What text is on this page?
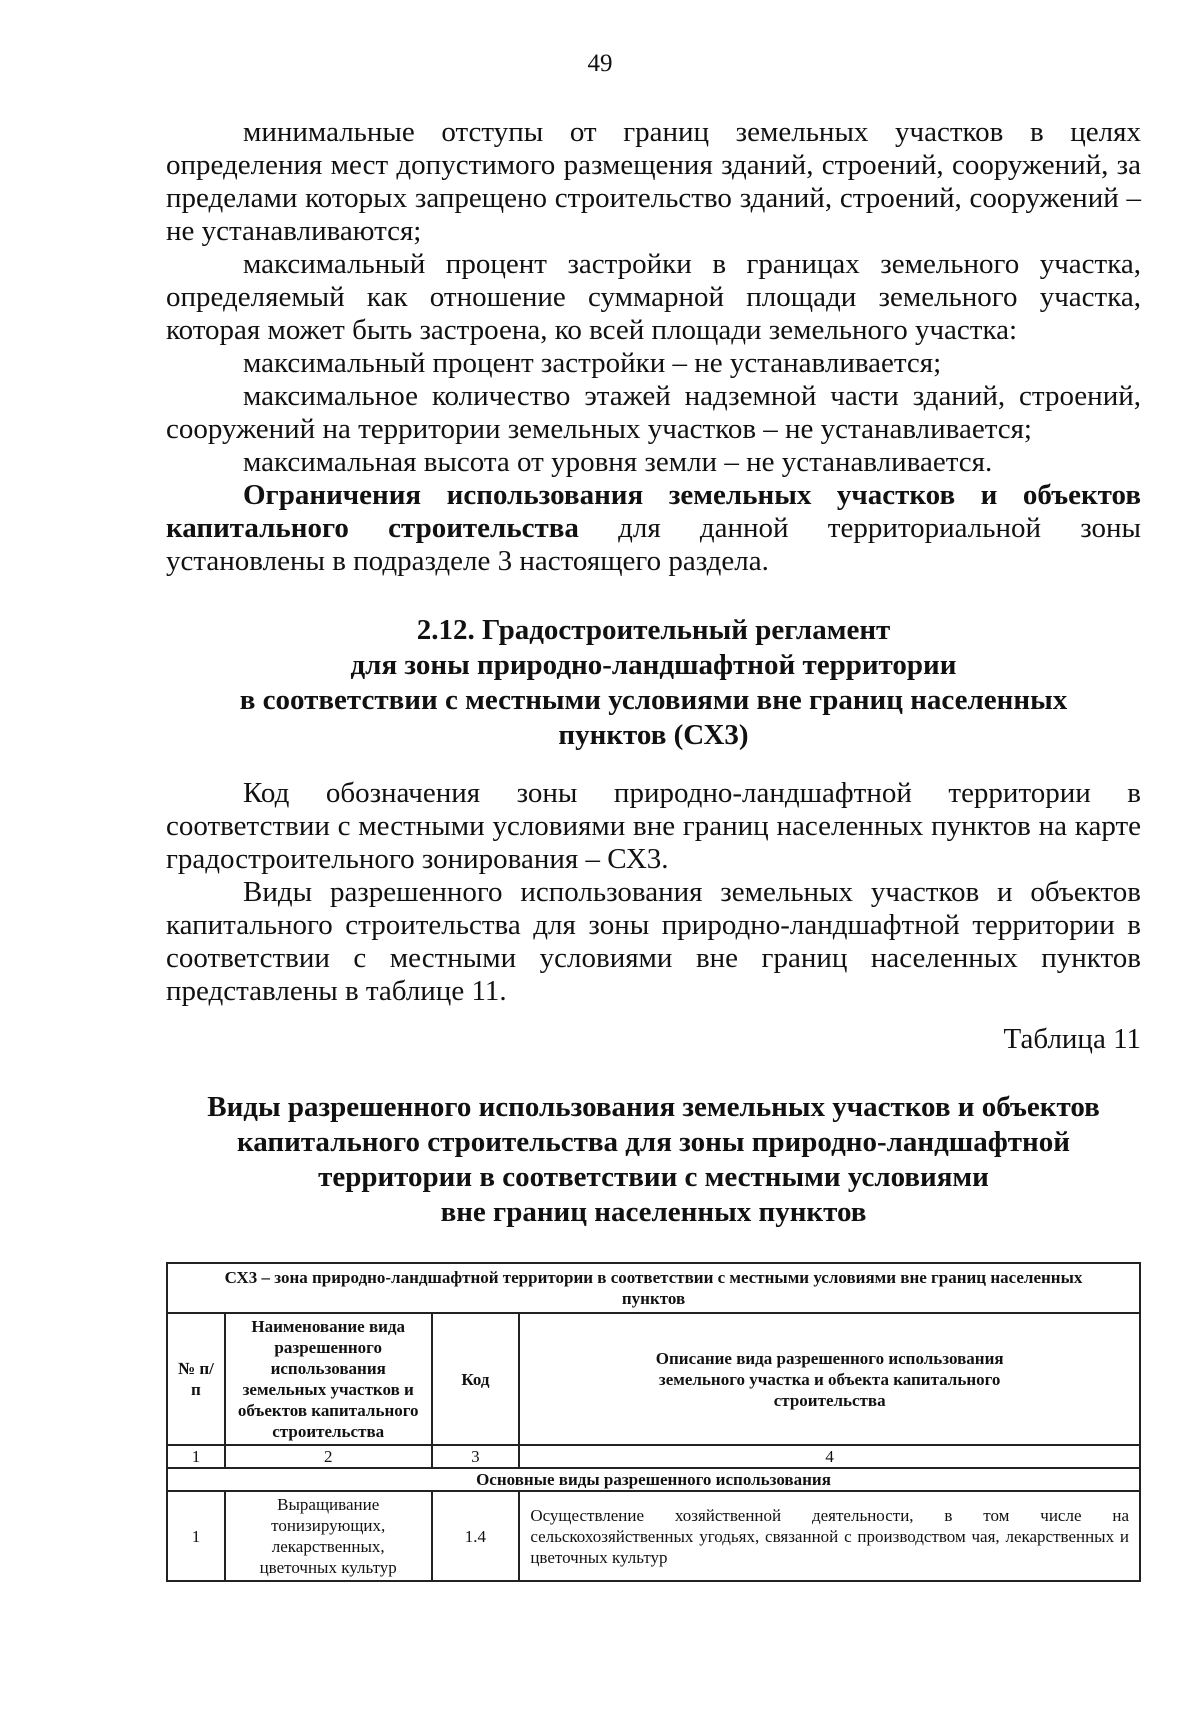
49

минимальные отступы от границ земельных участков в целях определения мест допустимого размещения зданий, строений, сооружений, за пределами которых запрещено строительство зданий, строений, сооружений – не устанавливаются;

максимальный процент застройки в границах земельного участка, определяемый как отношение суммарной площади земельного участка, которая может быть застроена, ко всей площади земельного участка:

максимальный процент застройки – не устанавливается;

максимальное количество этажей надземной части зданий, строений, сооружений на территории земельных участков – не устанавливается;

максимальная высота от уровня земли – не устанавливается.

Ограничения использования земельных участков и объектов капитального строительства для данной территориальной зоны установлены в подразделе 3 настоящего раздела.

2.12. Градостроительный регламент
для зоны природно-ландшафтной территории
в соответствии с местными условиями вне границ населенных
пунктов (СХ3)

Код обозначения зоны природно-ландшафтной территории в соответствии с местными условиями вне границ населенных пунктов на карте градостроительного зонирования – СХ3.

Виды разрешенного использования земельных участков и объектов капитального строительства для зоны природно-ландшафтной территории в соответствии с местными условиями вне границ населенных пунктов представлены в таблице 11.

Таблица 11
Виды разрешенного использования земельных участков и объектов
капитального строительства для зоны природно-ландшафтной
территории в соответствии с местными условиями
вне границ населенных пунктов
СХ3 – зона природно-ландшафтной территории в соответствии с местными условиями вне границ населенных пунктов			
№ п/п	Наименование вида разрешенного использования земельных участков и объектов капитального строительства	Код	Описание вида разрешенного использования земельного участка и объекта капитального строительства
1	2	3	4
Основные виды разрешенного использования			
1	Выращивание тонизирующих, лекарственных, цветочных культур	1.4	Осуществление хозяйственной деятельности, в том числе на сельскохозяйственных угодьях, связанной с производством чая, лекарственных и цветочных культур
